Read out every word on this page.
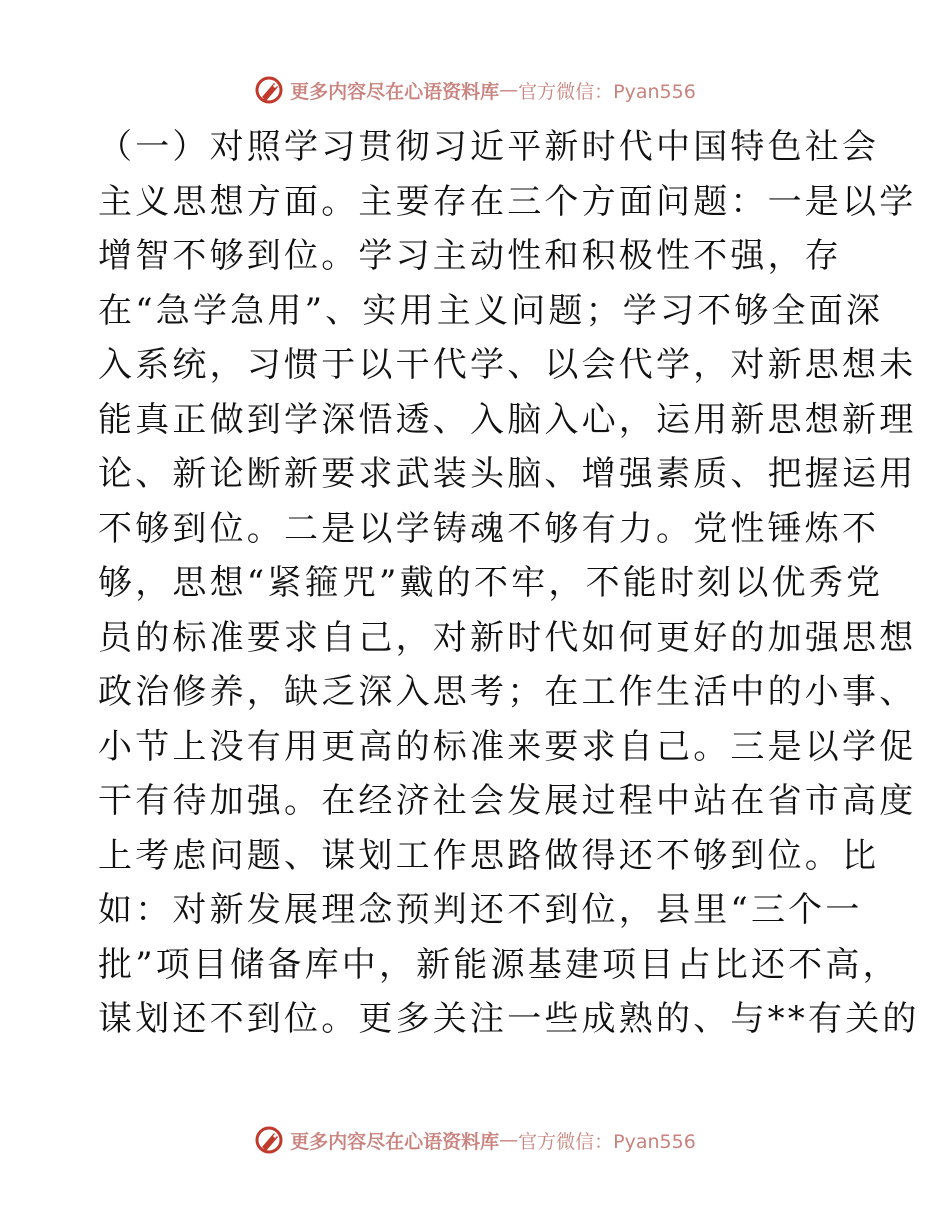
更多内容尽在心语资料库 — 官方微信：Pyan556
（一）对照学习贯彻习近平新时代中国特色社会
主义思想方面。主要存在三个方面问题：一是以学
增智不够到位。学习主动性和积极性不强，存
在“急学急用”、实用主义问题；学习不够全面深
入系统，习惯于以干代学、以会代学，对新思想未
能真正做到学深悟透、入脑入心，运用新思想新理
论、新论断新要求武装头脑、增强素质、把握运用
不够到位。二是以学铸魂不够有力。党性锤炼不
够，思想“紧箍咒”戴的不牢，不能时刻以优秀党
员的标准要求自己，对新时代如何更好的加强思想
政治修养，缺乏深入思考；在工作生活中的小事、
小节上没有用更高的标准来要求自己。三是以学促
干有待加强。在经济社会发展过程中站在省市高度
上考虑问题、谋划工作思路做得还不够到位。比
如：对新发展理念预判还不到位，县里“三个一
批”项目储备库中，新能源基建项目占比还不高，
谋划还不到位。更多关注一些成熟的、与**有关的
更多内容尽在心语资料库 — 官方微信：Pyan556
